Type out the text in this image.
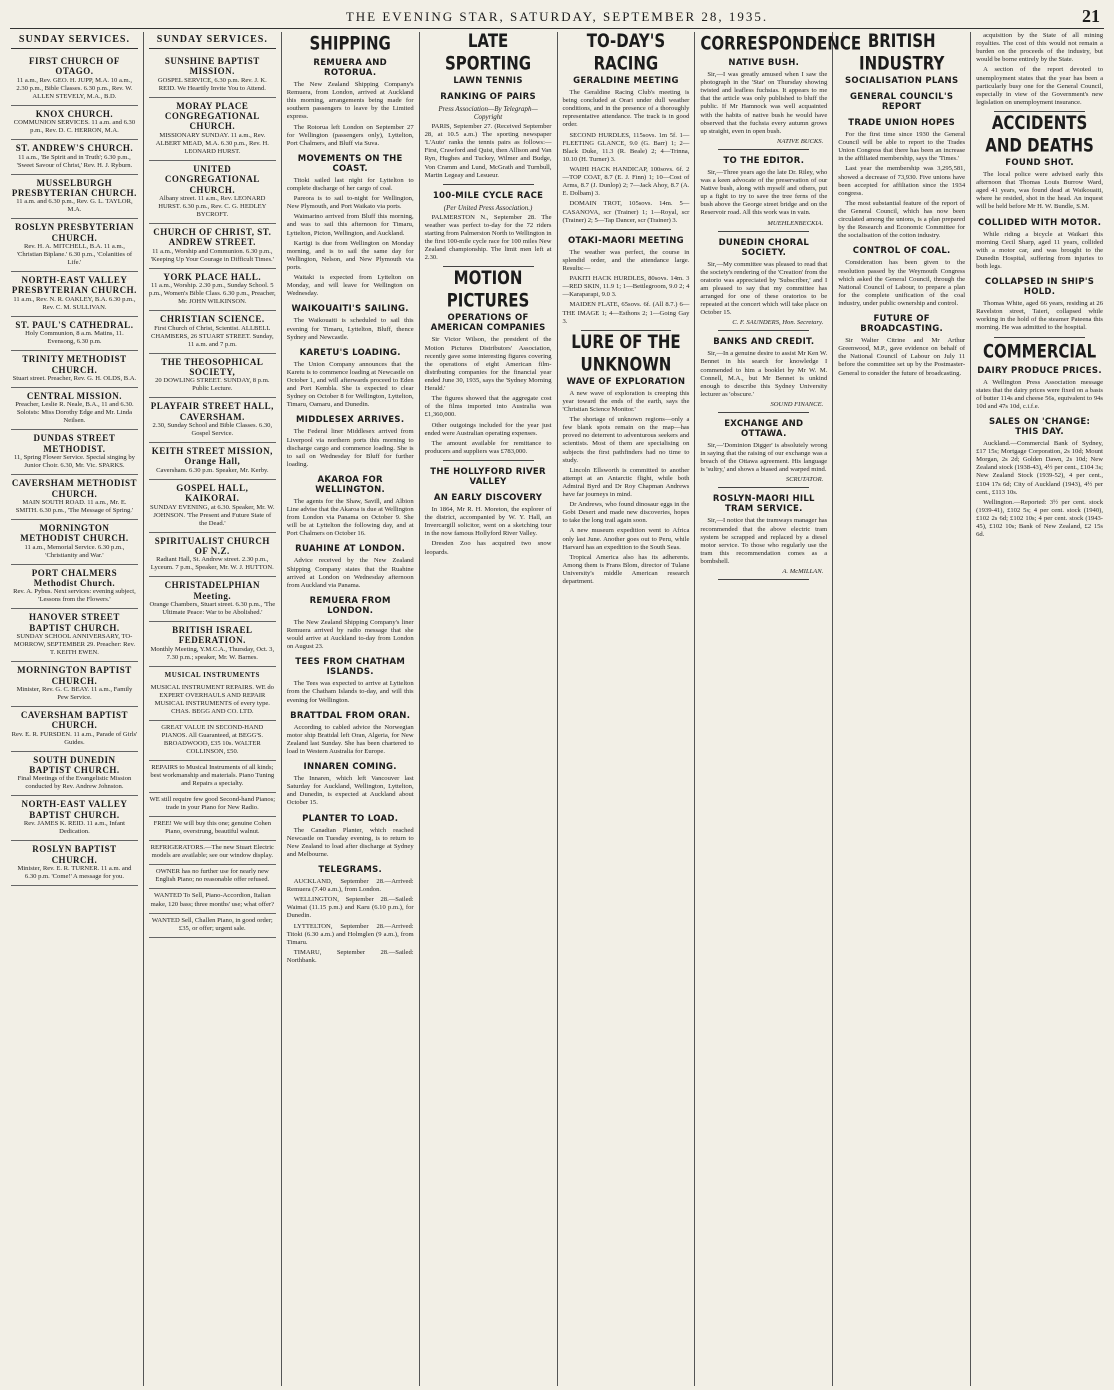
THE EVENING STAR, SATURDAY, SEPTEMBER 28, 1935.	21
SUNDAY SERVICES.
FIRST CHURCH OF OTAGO.
11 a.m., Rev. GEO. H. JUPP, M.A. 10 a.m., 2.30 p.m., Bible Classes. 6.30 p.m., Rev. W. ALLEN STEVELY, M.A., B.D.
KNOX CHURCH.
COMMUNION SERVICES. 11 a.m. and 6.30 p.m., Rev. D. C. HERRON, M.A.
ST. ANDREW'S CHURCH.
11 a.m., 'Be Spirit and in Truth'; 6.30 p.m., 'Sweet Savour of Christ,' Rev. H. J. Ryburn.
MUSSELBURGH PRESBYTERIAN CHURCH.
11 a.m. and 6.30 p.m., Rev. G. L. TAYLOR, M.A.
ROSLYN PRESBYTERIAN CHURCH.
Rev. H. A. MITCHELL, B.A. 11 a.m., 'Christian Biplane.' 6.30 p.m., 'Colanities of Life.'
NORTH-EAST VALLEY PRESBYTERIAN CHURCH.
11 a.m., Rev. N. R. OAKLEY, B.A. 6.30 p.m., Rev. C. M. SULLIVAN.
ST. PAUL'S CATHEDRAL.
Holy Communion, 8 a.m. Matins, 11. Evensong, 6.30 p.m.
TRINITY METHODIST CHURCH.
Stuart street. Preacher, Rev. G. H. OLDS, B.A.
CENTRAL MISSION.
Preacher, Leslie R. Neale, B.A., 11 and 6.30. Soloists: Miss Dorothy Edge and Mr. Linda Neilsen.
DUNDAS STREET METHODIST.
11, Spring Flower Service. Special singing by Junior Choir. 6.30, Mr. Vic. SPARKS.
CAVERSHAM METHODIST CHURCH.
MAIN SOUTH ROAD. 11 a.m., Mr. E. SMITH. 6.30 p.m., 'The Message of Spring.'
MORNINGTON METHODIST CHURCH.
11 a.m., Memorial Service. 6.30 p.m., 'Christianity and War.'
PORT CHALMERS Methodist Church.
Rev. A. Pybus. Next services: evening subject, 'Lessons from the Flowers.'
HANOVER STREET BAPTIST CHURCH.
SUNDAY SCHOOL ANNIVERSARY, TO-MORROW, SEPTEMBER 29. Preacher: Rev. T. KEITH EWEN.
MORNINGTON BAPTIST CHURCH.
Minister, Rev. G. C. BEAY. 11 a.m., Family Pew Service.
CAVERSHAM BAPTIST CHURCH.
Rev. E. R. FURSDEN. 11 a.m., Parade of Girls' Guides.
SOUTH DUNEDIN BAPTIST CHURCH.
Final Meetings of the Evangelistic Mission conducted by Rev. Andrew Johnston.
NORTH-EAST VALLEY BAPTIST CHURCH.
Rev. JAMES K. REID. 11 a.m., Infant Dedication.
ROSLYN BAPTIST CHURCH.
Minister, Rev. E. R. TURNER. 11 a.m. and 6.30 p.m. 'Come!' A message for you.
SUNDAY SERVICES.
SUNSHINE BAPTIST MISSION.
GOSPEL SERVICE, 6.30 p.m. Rev. J. K. REID. We Heartily Invite You to Attend.
MORAY PLACE CONGREGATIONAL CHURCH.
MISSIONARY SUNDAY. 11 a.m., Rev. ALBERT MEAD, M.A. 6.30 p.m., Rev. H. LEONARD HURST.
UNITED CONGREGATIONAL CHURCH.
Albany street. 11 a.m., Rev. LEONARD HURST. 6.30 p.m., Rev. C. G. HEDLEY BYCROFT.
CHURCH OF CHRIST, ST. ANDREW STREET.
11 a.m., Worship and Communion. 6.30 p.m., 'Keeping Up Your Courage in Difficult Times.'
YORK PLACE HALL.
11 a.m., Worship. 2.30 p.m., Sunday School. 5 p.m., Women's Bible Class. 6.30 p.m., Preacher, Mr. JOHN WILKINSON.
CHRISTIAN SCIENCE.
First Church of Christ, Scientist. ALLBELL CHAMBERS, 26 STUART STREET. Sunday, 11 a.m. and 7 p.m.
THE THEOSOPHICAL SOCIETY,
20 DOWLING STREET. SUNDAY, 8 p.m. Public Lecture.
PLAYFAIR STREET HALL, CAVERSHAM.
2.30, Sunday School and Bible Classes. 6.30, Gospel Service.
KEITH STREET MISSION, Orange Hall,
Caversham. 6.30 p.m. Speaker, Mr. Kerby.
GOSPEL HALL, KAIKORAI.
SUNDAY EVENING, at 6.30. Speaker, Mr. W. JOHNSON. 'The Present and Future State of the Dead.'
SPIRITUALIST CHURCH OF N.Z.
Radiant Hall, St. Andrew street. 2.30 p.m., Lyceum. 7 p.m., Speaker, Mr. W. J. HUTTON.
CHRISTADELPHIAN Meeting.
Orange Chambers, Stuart street. 6.30 p.m., 'The Ultimate Peace: War to be Abolished.'
BRITISH ISRAEL FEDERATION.
Monthly Meeting, Y.M.C.A., Thursday, Oct. 3, 7.30 p.m.; speaker, Mr. W. Barnes.
MUSICAL INSTRUMENTS
MUSICAL INSTRUMENT REPAIRS. WE do EXPERT OVERHAULS AND REPAIR MUSICAL INSTRUMENTS of every type. CHAS. BEGG AND CO. LTD.
GREAT VALUE IN SECOND-HAND PIANOS. All Guaranteed, at BEGG'S. BROADWOOD, £35 10s. WALTER COLLINSON, £50.
REPAIRS to Musical Instruments of all kinds; best workmanship and materials. Piano Tuning and Repairs a specialty.
WE still require few good Second-hand Pianos; trade in your Piano for New Radio.
FREE! We will buy this one; genuine Cohen Piano, overstrung, beautiful walnut.
REFRIGERATORS.—The new Stuart Electric models are available; see our window display.
OWNER has no further use for nearly new English Piano; no reasonable offer refused.
WANTED To Sell, Piano-Accordion, Italian make, 120 bass; three months' use; what offer?
WANTED Sell, Challen Piano, in good order; £35, or offer; urgent sale.
SHIPPING
REMUERA AND ROTORUA.

The New Zealand Shipping Company's Remuera, from London, arrived at Auckland this morning, arrangements being made for southern passengers to leave by the Limited express.

The Rotorua left London on September 27 for Wellington (passengers only), Lyttelton, Port Chalmers, and Bluff via Suva.

MOVEMENTS ON THE COAST.

Titoki sailed last night for Lyttelton to complete discharge of her cargo of coal.

Pareora is to sail to-night for Wellington, New Plymouth, and Port Waikato via ports.

Waimarino arrived from Bluff this morning, and was to sail this afternoon for Timaru, Lyttelton, Picton, Wellington, and Auckland.

Kartigi is due from Wellington on Monday morning, and is to sail the same day for Wellington, Nelson, and New Plymouth via ports.

Waitaki is expected from Lyttelton on Monday, and will leave for Wellington on Wednesday.

WAIKOUAITI'S SAILING.

The Waikouaiti is scheduled to sail this evening for Timaru, Lyttelton, Bluff, thence Sydney and Newcastle.

KARETU'S LOADING.

The Union Company announces that the Karetu is to commence loading at Newcastle on October 1, and will afterwards proceed to Eden and Port Kembla. She is expected to clear Sydney on October 8 for Wellington, Lyttelton, Timaru, Oamaru, and Dunedin.

MIDDLESEX ARRIVES.

The Federal liner Middlesex arrived from Liverpool via northern ports this morning to discharge cargo and commence loading. She is to sail on Wednesday for Bluff for further loading.

AKAROA FOR WELLINGTON.

The agents for the Shaw, Savill, and Albion Line advise that the Akaroa is due at Wellington from London via Panama on October 9. She will be at Lyttelton the following day, and at Port Chalmers on October 16.

RUAHINE AT LONDON.

Advice received by the New Zealand Shipping Company states that the Ruahine arrived at London on Wednesday afternoon from Auckland via Panama.

REMUERA FROM LONDON.

The New Zealand Shipping Company's liner Remuera arrived by radio message that she would arrive at Auckland to-day from London on August 23.

TEES FROM CHATHAM ISLANDS.

The Tees was expected to arrive at Lyttelton from the Chatham Islands to-day, and will this evening for Wellington.

BRATTDAL FROM ORAN.

According to cabled advice the Norwegian motor ship Brattdal left Oran, Algeria, for New Zealand last Sunday. She has been chartered to load in Western Australia for Europe.

INNAREN COMING.

The Innaren, which left Vancouver last Saturday for Auckland, Wellington, Lyttelton, and Dunedin, is expected at Auckland about October 15.

PLANTER TO LOAD.

The Canadian Planter, which reached Newcastle on Tuesday evening, is to return to New Zealand to load after discharge at Sydney and Melbourne.

TELEGRAMS.

AUCKLAND, September 28.—Arrived: Remuera (7.40 a.m.), from London.

WELLINGTON, September 28.—Sailed: Waimai (11.15 p.m.) and Karu (6.10 p.m.), for Dunedin.

LYTTELTON, September 28.—Arrived: Titoki (6.30 a.m.) and Holmglen (9 a.m.), from Timaru.

TIMARU, September 28.—Sailed: Northbank.

LATE SPORTING
LAWN TENNIS
RANKING OF PAIRS
Press Association—By Telegraph—Copyright

PARIS, September 27. (Received September 28, at 10.5 a.m.) The sporting newspaper 'L'Auto' ranks the tennis pairs as follows:—First, Crawford and Quist, then Allison and Van Ryn, Hughes and Tuckey, Wilmer and Budge, Von Cramm and Lund, McGrath and Turnbull, Martin Legeay and Lesueur.

100-MILE CYCLE RACE
(Per United Press Association.)

PALMERSTON N., September 28. The weather was perfect to-day for the 72 riders starting from Palmerston North to Wellington in the first 100-mile cycle race for 100 miles New Zealand championship. The limit men left at 2.30.

MOTION PICTURES
OPERATIONS OF AMERICAN COMPANIES

Sir Victor Wilson, the president of the Motion Pictures Distributors' Association, recently gave some interesting figures covering the operations of eight American film-distributing companies for the financial year ended June 30, 1935, says the 'Sydney Morning Herald.'

The figures showed that the aggregate cost of the films imported into Australia was £1,360,000.

Other outgoings included for the year just ended were Australian operating expenses.

The amount available for remittance to producers and suppliers was £783,000.

THE HOLLYFORD RIVER VALLEY
AN EARLY DISCOVERY

In 1864, Mr R. H. Moreton, the explorer of the district, accompanied by W. Y. Hall, an Invercargill solicitor, went on a sketching tour in the now famous Hollyford River Valley.

Dresden Zoo has acquired two snow leopards.

TO-DAY'S RACING
GERALDINE MEETING

The Geraldine Racing Club's meeting is being concluded at Orari under dull weather conditions, and in the presence of a thoroughly representative attendance. The track is in good order.

SECOND HURDLES, 115sovs. 1m 5f. 1—FLEETING GLANCE, 9.0 (G. Barr) 1; 2—Black Duke, 11.3 (R. Beale) 2; 4—Trinna, 10.10 (H. Turner) 3.

WAIHI HACK HANDICAP, 100sovs. 6f. 2—TOP COAT, 8.7 (E. J. Finn) 1; 10—Cost of Arms, 8.7 (J. Dunlop) 2; 7—Jack Ahoy, 8.7 (A. E. Dolbam) 3.

DOMAIN TROT, 105sovs. 14m. 5—CASANOVA, scr (Trainer) 1; 1—Royal, scr (Trainer) 2; 5—Tap Dancer, scr (Trainer) 3.

OTAKI-MAORI MEETING

The weather was perfect, the course in splendid order, and the attendance large. Results:—

PAKITI HACK HURDLES, 80sovs. 14m. 3—RED SKIN, 11.9 1; 1—Bettlegroom, 9.0 2; 4—Karaparapi, 9.0 3.

MAIDEN FLATE, 65sovs. 6f. (All 8.7.) 6—THE IMAGE 1; 4—Esthons 2; 1—Going Gay 3.

LURE OF THE UNKNOWN
WAVE OF EXPLORATION

A new wave of exploration is creeping this year toward the ends of the earth, says the 'Christian Science Monitor.'

The shortage of unknown regions—only a few blank spots remain on the map—has proved no deterrent to adventurous seekers and scientists. Most of them are specialising on subjects the first pathfinders had no time to study.

Lincoln Ellsworth is committed to another attempt at an Antarctic flight, while both Admiral Byrd and Dr Roy Chapman Andrews have far journeys in mind.

Dr Andrews, who found dinosaur eggs in the Gobi Desert and made new discoveries, hopes to take the long trail again soon.

A new museum expedition went to Africa only last June. Another goes out to Peru, while Harvard has an expedition to the South Seas.

Tropical America also has its adherents. Among them is Frans Blom, director of Tulane University's middle American research department.

CORRESPONDENCE
NATIVE BUSH.

Sir,—I was greatly amused when I saw the photograph in the 'Star' on Thursday showing twisted and leafless fuchsias. It appears to me that the article was only published to bluff the public. If Mr Hamnock was well acquainted with the habits of native bush he would have observed that the fuchsia every autumn grows up straight, even in open bush.

NATIVE BUCKS.
TO THE EDITOR.

Sir,—Three years ago the late Dr. Riley, who was a keen advocate of the preservation of our Native bush, along with myself and others, put up a fight to try to save the tree ferns of the bush above the George street bridge and on the Reservoir road. All this work was in vain.

MUEHLENBECKIA.
DUNEDIN CHORAL SOCIETY.

Sir,—My committee was pleased to read that the society's rendering of the 'Creation' from the oratorio was appreciated by 'Subscriber,' and I am pleased to say that my committee has arranged for one of these oratorios to be repeated at the concert which will take place on October 15.

C. F. SAUNDERS, Hon. Secretary.
BANKS AND CREDIT.

Sir,—In a genuine desire to assist Mr Ken W. Bennet in his search for knowledge I commended to him a booklet by Mr W. M. Connell, M.A., but Mr Bennet is unkind enough to describe this Sydney University lecturer as 'obscure.'

SOUND FINANCE.
EXCHANGE AND OTTAWA.

Sir,—'Dominion Digger' is absolutely wrong in saying that the raising of our exchange was a breach of the Ottawa agreement. His language is 'sultry,' and shows a biased and warped mind.

SCRUTATOR.
ROSLYN-MAORI HILL TRAM SERVICE.

Sir,—I notice that the tramways manager has recommended that the above electric tram system be scrapped and replaced by a diesel motor service. To those who regularly use the tram this recommendation comes as a bombshell.

A. McMILLAN.
BRITISH INDUSTRY
SOCIALISATION PLANS
GENERAL COUNCIL'S REPORT
TRADE UNION HOPES

For the first time since 1930 the General Council will be able to report to the Trades Union Congress that there has been an increase in the affiliated membership, says the 'Times.'

Last year the membership was 3,295,581, showed a decrease of 73,930. Five unions have been accepted for affiliation since the 1934 congress.

The most substantial feature of the report of the General Council, which has now been circulated among the unions, is a plan prepared by the Research and Economic Committee for the socialisation of the cotton industry.

CONTROL OF COAL.

Consideration has been given to the resolution passed by the Weymouth Congress which asked the General Council, through the National Council of Labour, to prepare a plan for the complete unification of the coal industry, under public ownership and control.

FUTURE OF BROADCASTING.

Sir Walter Citrine and Mr Arthur Greenwood, M.P., gave evidence on behalf of the National Council of Labour on July 11 before the committee set up by the Postmaster-General to consider the future of broadcasting.

acquisition by the State of all mining royalties. The cost of this would not remain a burden on the proceeds of the industry, but would be borne entirely by the State.

A section of the report devoted to unemployment states that the year has been a particularly busy one for the General Council, especially in view of the Government's new legislation on unemployment insurance.

ACCIDENTS AND DEATHS
FOUND SHOT.

The local police were advised early this afternoon that Thomas Louis Burrow Ward, aged 41 years, was found dead at Waikouaiti, where he resided, shot in the head. An inquest will be held before Mr H. W. Bundle, S.M.

COLLIDED WITH MOTOR.

While riding a bicycle at Waikari this morning Cecil Sharp, aged 11 years, collided with a motor car, and was brought to the Dunedin Hospital, suffering from injuries to both legs.

COLLAPSED IN SHIP'S HOLD.

Thomas White, aged 66 years, residing at 26 Ravelston street, Taieri, collapsed while working in the hold of the steamer Pateena this morning. He was admitted to the hospital.

COMMERCIAL
DAIRY PRODUCE PRICES.

A Wellington Press Association message states that the dairy prices were fixed on a basis of butter 114s and cheese 56s, equivalent to 94s 10d and 47s 10d, c.i.f.e.

SALES ON 'CHANGE: THIS DAY.

Auckland.—Commercial Bank of Sydney, £17 15s; Mortgage Corporation, 2s 10d; Mount Morgan, 2s 2d; Golden Dawn, 2s 10d; New Zealand stock (1938-43), 4½ per cent., £104 3s; New Zealand Stock (1939-52), 4 per cent., £104 17s 6d; City of Auckland (1943), 4½ per cent., £113 10s.

Wellington.—Reported: 3½ per cent. stock (1939-41), £102 5s; 4 per cent. stock (1940), £102 2s 6d; £102 10s; 4 per cent. stock (1943-45), £102 10s; Bank of New Zealand, £2 15s 6d.
